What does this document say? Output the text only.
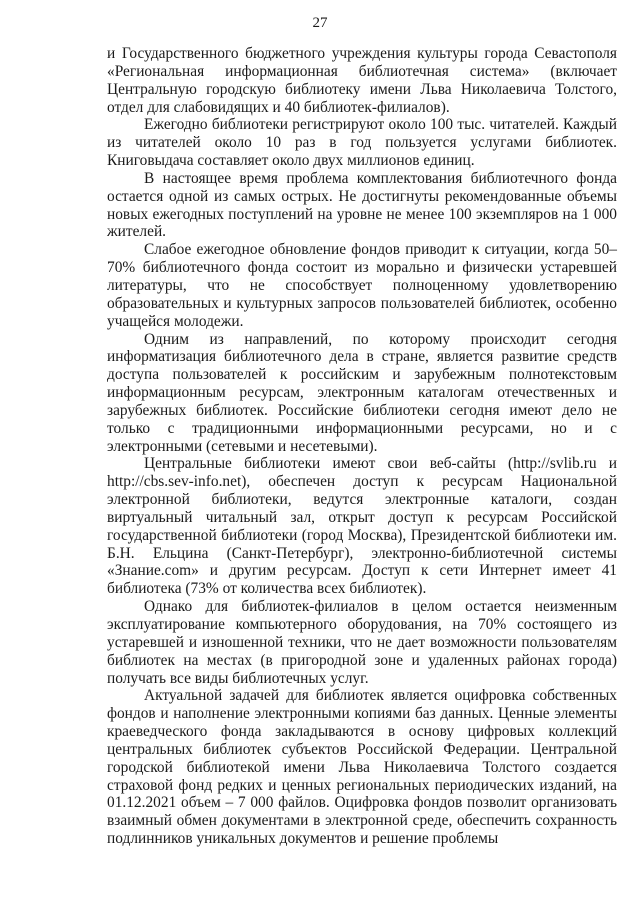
27

и Государственного бюджетного учреждения культуры города Севастополя «Региональная информационная библиотечная система» (включает Центральную городскую библиотеку имени Льва Николаевича Толстого, отдел для слабовидящих и 40 библиотек-филиалов).

Ежегодно библиотеки регистрируют около 100 тыс. читателей. Каждый из читателей около 10 раз в год пользуется услугами библиотек. Книговыдача составляет около двух миллионов единиц.

В настоящее время проблема комплектования библиотечного фонда остается одной из самых острых. Не достигнуты рекомендованные объемы новых ежегодных поступлений на уровне не менее 100 экземпляров на 1 000 жителей.

Слабое ежегодное обновление фондов приводит к ситуации, когда 50–70% библиотечного фонда состоит из морально и физически устаревшей литературы, что не способствует полноценному удовлетворению образовательных и культурных запросов пользователей библиотек, особенно учащейся молодежи.

Одним из направлений, по которому происходит сегодня информатизация библиотечного дела в стране, является развитие средств доступа пользователей к российским и зарубежным полнотекстовым информационным ресурсам, электронным каталогам отечественных и зарубежных библиотек. Российские библиотеки сегодня имеют дело не только с традиционными информационными ресурсами, но и с электронными (сетевыми и несетевыми).

Центральные библиотеки имеют свои веб-сайты (http://svlib.ru и http://cbs.sev-info.net), обеспечен доступ к ресурсам Национальной электронной библиотеки, ведутся электронные каталоги, создан виртуальный читальный зал, открыт доступ к ресурсам Российской государственной библиотеки (город Москва), Президентской библиотеки им. Б.Н. Ельцина (Санкт-Петербург), электронно-библиотечной системы «Знание.com» и другим ресурсам. Доступ к сети Интернет имеет 41 библиотека (73% от количества всех библиотек).

Однако для библиотек-филиалов в целом остается неизменным эксплуатирование компьютерного оборудования, на 70% состоящего из устаревшей и изношенной техники, что не дает возможности пользователям библиотек на местах (в пригородной зоне и удаленных районах города) получать все виды библиотечных услуг.

Актуальной задачей для библиотек является оцифровка собственных фондов и наполнение электронными копиями баз данных. Ценные элементы краеведческого фонда закладываются в основу цифровых коллекций центральных библиотек субъектов Российской Федерации. Центральной городской библиотекой имени Льва Николаевича Толстого создается страховой фонд редких и ценных региональных периодических изданий, на 01.12.2021 объем – 7 000 файлов. Оцифровка фондов позволит организовать взаимный обмен документами в электронной среде, обеспечить сохранность подлинников уникальных документов и решение проблемы
